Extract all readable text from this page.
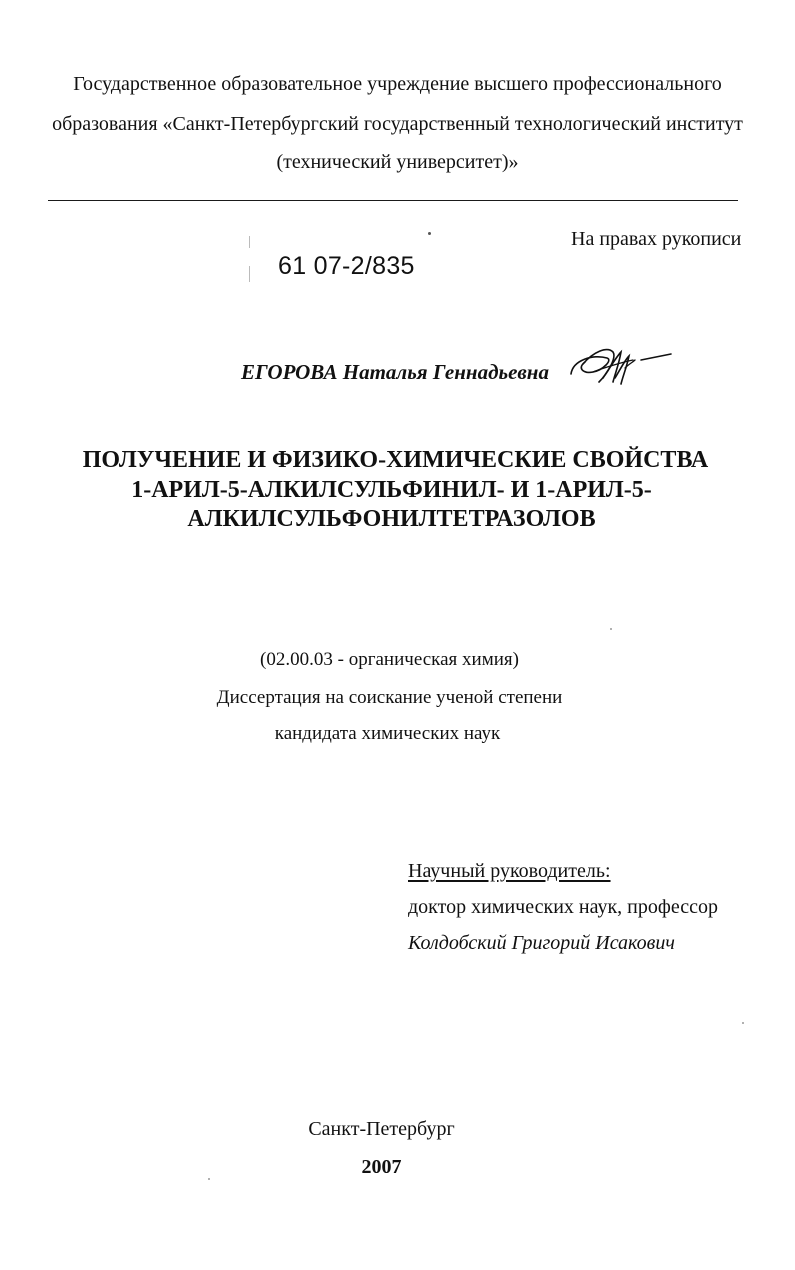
Государственное образовательное учреждение высшего профессионального
образования «Санкт-Петербургский государственный технологический институт
(технический университет)»
На правах рукописи
61 07-2/835
ЕГОРОВА Наталья Геннадьевна
ПОЛУЧЕНИЕ И ФИЗИКО-ХИМИЧЕСКИЕ СВОЙСТВА
1-АРИЛ-5-АЛКИЛСУЛЬФИНИЛ- И 1-АРИЛ-5-
АЛКИЛСУЛЬФОНИЛТЕТРАЗОЛОВ
(02.00.03 - органическая химия)
Диссертация на соискание ученой степени
кандидата химических наук
Научный руководитель:
доктор химических наук, профессор
Колдобский Григорий Исакович
Санкт-Петербург
2007
